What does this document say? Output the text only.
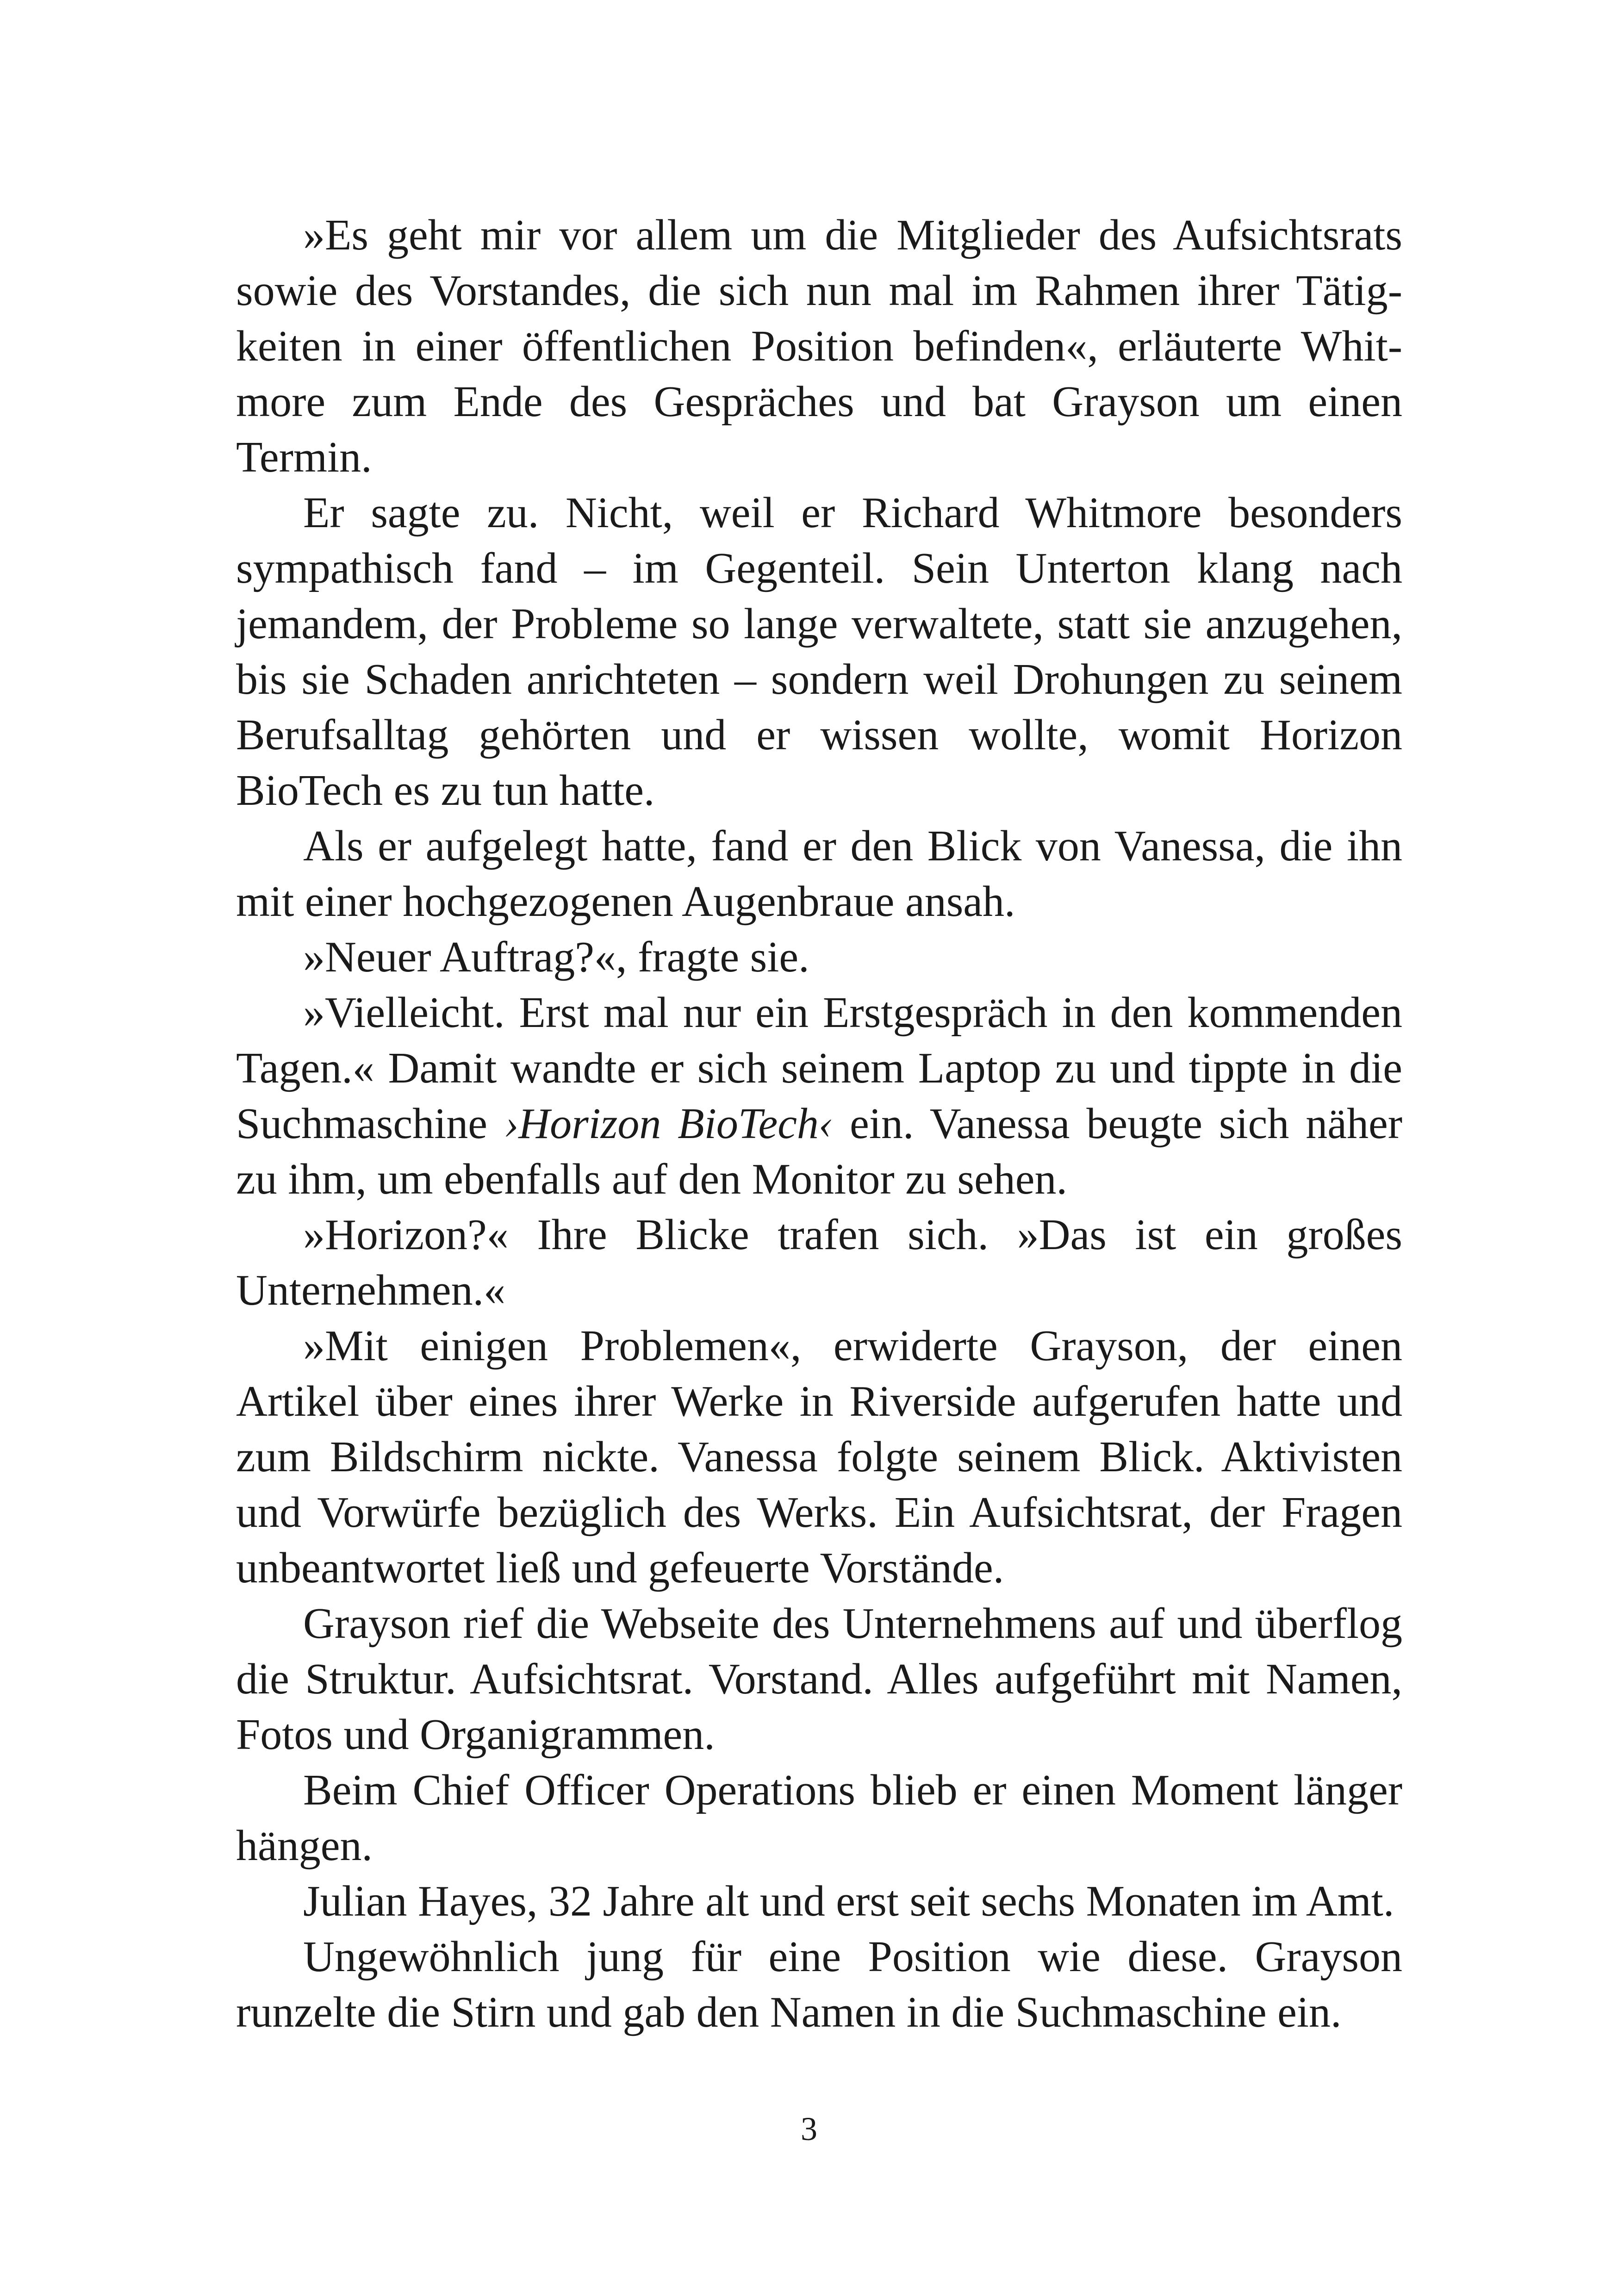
»Es geht mir vor allem um die Mitglieder des Aufsichtsrats sowie des Vorstandes, die sich nun mal im Rahmen ihrer Tätigkeiten in einer öffentlichen Position befinden«, erläuterte Whitmore zum Ende des Gespräches und bat Grayson um einen Termin.

Er sagte zu. Nicht, weil er Richard Whitmore besonders sympathisch fand – im Gegenteil. Sein Unterton klang nach jemandem, der Probleme so lange verwaltete, statt sie anzugehen, bis sie Schaden anrichteten – sondern weil Drohungen zu seinem Berufsalltag gehörten und er wissen wollte, womit Horizon BioTech es zu tun hatte.

Als er aufgelegt hatte, fand er den Blick von Vanessa, die ihn mit einer hochgezogenen Augenbraue ansah.

»Neuer Auftrag?«, fragte sie.

»Vielleicht. Erst mal nur ein Erstgespräch in den kommenden Tagen.« Damit wandte er sich seinem Laptop zu und tippte in die Suchmaschine ›Horizon BioTech‹ ein. Vanessa beugte sich näher zu ihm, um ebenfalls auf den Monitor zu sehen.

»Horizon?« Ihre Blicke trafen sich. »Das ist ein großes Unternehmen.«

»Mit einigen Problemen«, erwiderte Grayson, der einen Artikel über eines ihrer Werke in Riverside aufgerufen hatte und zum Bildschirm nickte. Vanessa folgte seinem Blick. Aktivisten und Vorwürfe bezüglich des Werks. Ein Aufsichtsrat, der Fragen unbeantwortet ließ und gefeuerte Vorstände.

Grayson rief die Webseite des Unternehmens auf und überflog die Struktur. Aufsichtsrat. Vorstand. Alles aufgeführt mit Namen, Fotos und Organigrammen.

Beim Chief Officer Operations blieb er einen Moment länger hängen.

Julian Hayes, 32 Jahre alt und erst seit sechs Monaten im Amt.

Ungewöhnlich jung für eine Position wie diese. Grayson runzelte die Stirn und gab den Namen in die Suchmaschine ein.

3
